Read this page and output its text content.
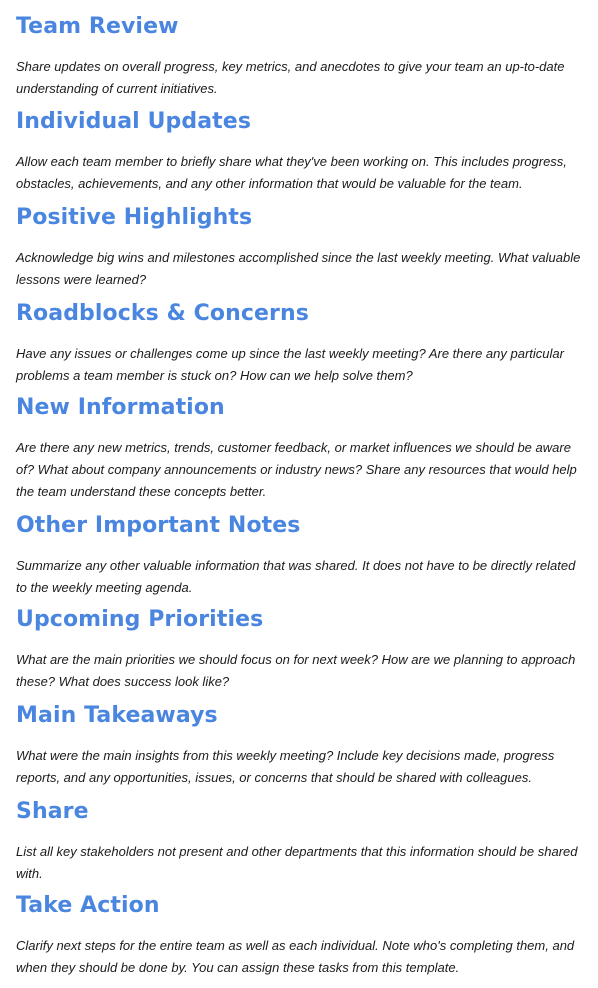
Team Review

Share updates on overall progress, key metrics, and anecdotes to give your team an up-to-date understanding of current initiatives.

Individual Updates

Allow each team member to briefly share what they've been working on. This includes progress, obstacles, achievements, and any other information that would be valuable for the team.

Positive Highlights

Acknowledge big wins and milestones accomplished since the last weekly meeting. What valuable lessons were learned?

Roadblocks & Concerns

Have any issues or challenges come up since the last weekly meeting? Are there any particular problems a team member is stuck on? How can we help solve them?

New Information

Are there any new metrics, trends, customer feedback, or market influences we should be aware of? What about company announcements or industry news? Share any resources that would help the team understand these concepts better.

Other Important Notes

Summarize any other valuable information that was shared. It does not have to be directly related to the weekly meeting agenda.

Upcoming Priorities

What are the main priorities we should focus on for next week? How are we planning to approach these? What does success look like?

Main Takeaways

What were the main insights from this weekly meeting? Include key decisions made, progress reports, and any opportunities, issues, or concerns that should be shared with colleagues.

Share

List all key stakeholders not present and other departments that this information should be shared with.

Take Action

Clarify next steps for the entire team as well as each individual. Note who's completing them, and when they should be done by. You can assign these tasks from this template.
